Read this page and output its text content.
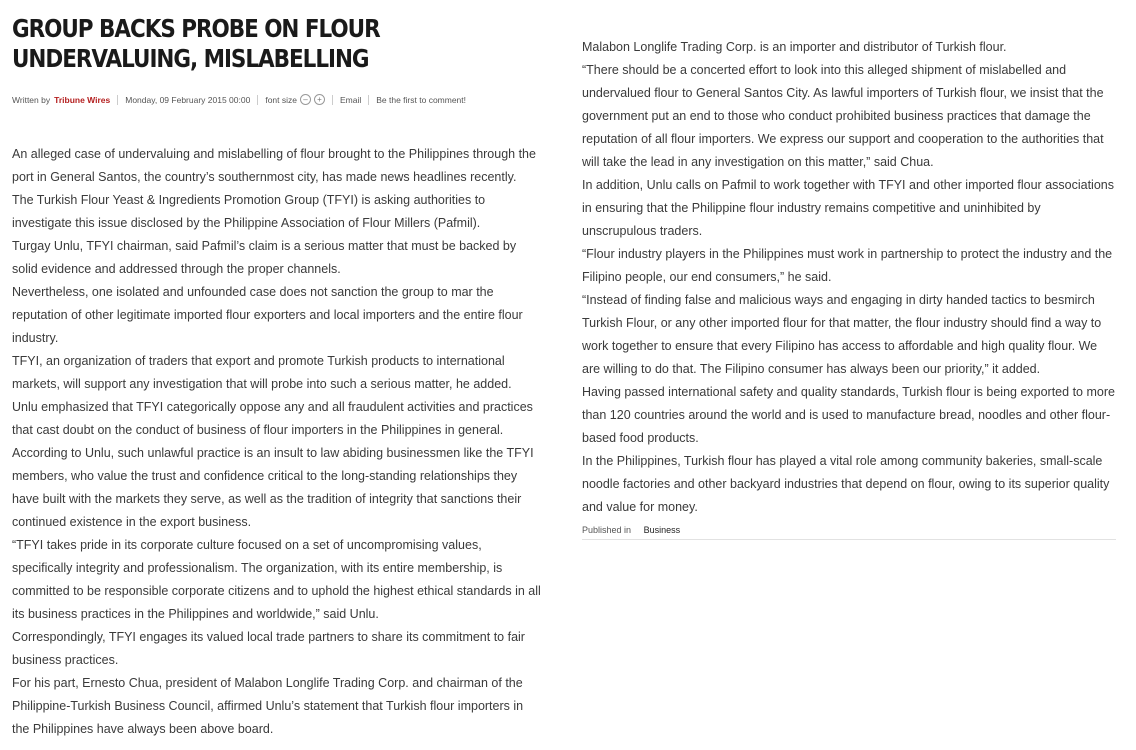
GROUP BACKS PROBE ON FLOUR UNDERVALUING, MISLABELLING
Written by Tribune Wires Monday, 09 February 2015 00:00 font size –	+	Email Be the first to comment!

An alleged case of undervaluing and mislabelling of flour brought to the Philippines through the port in General Santos, the country’s southernmost city, has made news headlines recently.

The Turkish Flour Yeast & Ingredients Promotion Group (TFYI) is asking authorities to investigate this issue disclosed by the Philippine Association of Flour Millers (Pafmil).

Turgay Unlu, TFYI chairman, said Pafmil’s claim is a serious matter that must be backed by solid evidence and addressed through the proper channels.

Nevertheless, one isolated and unfounded case does not sanction the group to mar the reputation of other legitimate imported flour exporters and local importers and the entire flour industry.

TFYI, an organization of traders that export and promote Turkish products to international markets, will support any investigation that will probe into such a serious matter, he added.

Unlu emphasized that TFYI categorically oppose any and all fraudulent activities and practices that cast doubt on the conduct of business of flour importers in the Philippines in general.

According to Unlu, such unlawful practice is an insult to law abiding businessmen like the TFYI members, who value the trust and confidence critical to the long-standing relationships they have built with the markets they serve, as well as the tradition of integrity that sanctions their continued existence in the export business.

“TFYI takes pride in its corporate culture focused on a set of uncompromising values, specifically integrity and professionalism. The organization, with its entire membership, is committed to be responsible corporate citizens and to uphold the highest ethical standards in all its business practices in the Philippines and worldwide,” said Unlu.

Correspondingly, TFYI engages its valued local trade partners to share its commitment to fair business practices.

For his part, Ernesto Chua, president of Malabon Longlife Trading Corp. and chairman of the Philippine-Turkish Business Council, affirmed Unlu’s statement that Turkish flour importers in the Philippines have always been above board.

Malabon Longlife Trading Corp. is an importer and distributor of Turkish flour.

“There should be a concerted effort to look into this alleged shipment of mislabelled and undervalued flour to General Santos City. As lawful importers of Turkish flour, we insist that the government put an end to those who conduct prohibited business practices that damage the reputation of all flour importers. We express our support and cooperation to the authorities that will take the lead in any investigation on this matter,” said Chua.

In addition, Unlu calls on Pafmil to work together with TFYI and other imported flour associations in ensuring that the Philippine flour industry remains competitive and uninhibited by unscrupulous traders.

“Flour industry players in the Philippines must work in partnership to protect the industry and the Filipino people, our end consumers,” he said.

“Instead of finding false and malicious ways and engaging in dirty handed tactics to besmirch Turkish Flour, or any other imported flour for that matter, the flour industry should find a way to work together to ensure that every Filipino has access to affordable and high quality flour. We are willing to do that. The Filipino consumer has always been our priority,” it added.

Having passed international safety and quality standards, Turkish flour is being exported to more than 120 countries around the world and is used to manufacture bread, noodles and other flour-based food products.

In the Philippines, Turkish flour has played a vital role among community bakeries, small-scale noodle factories and other backyard industries that depend on flour, owing to its superior quality and value for money.

Published in Business
